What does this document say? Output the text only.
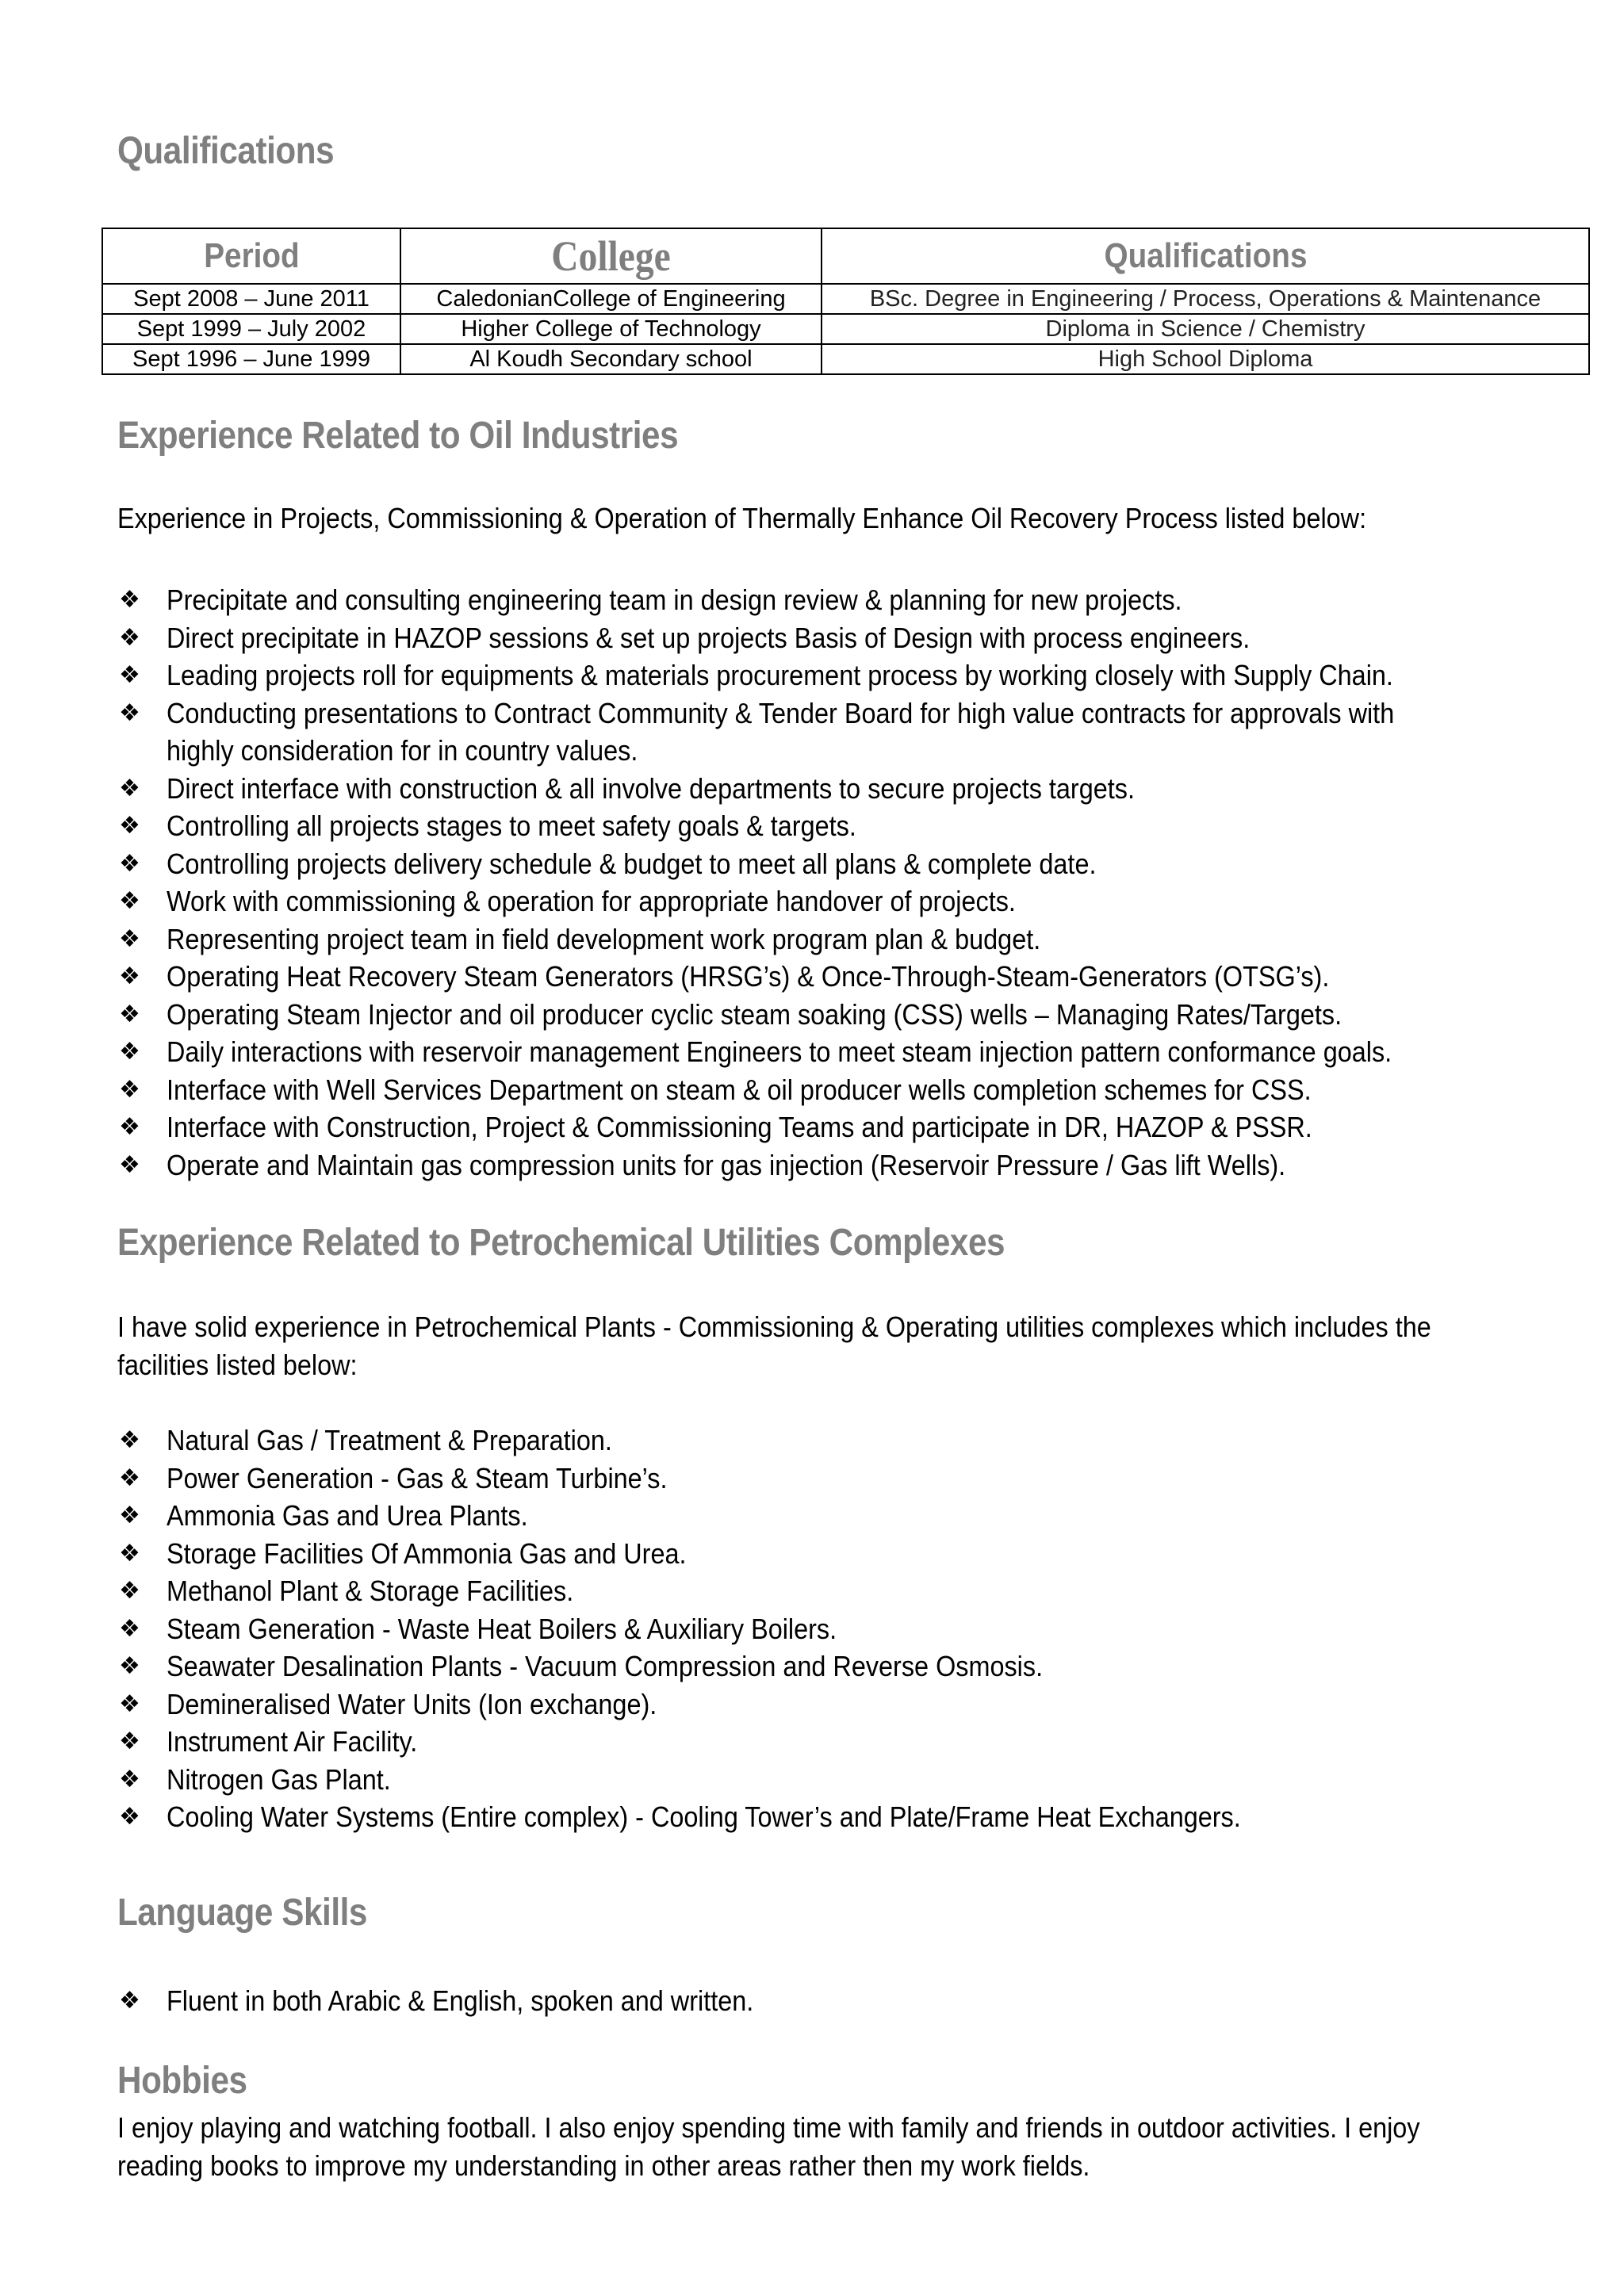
Qualifications
Period	College	Qualifications
Sept 2008 – June 2011	CaledonianCollege of Engineering	BSc. Degree in Engineering / Process, Operations & Maintenance
Sept 1999 – July 2002	Higher College of Technology	Diploma in Science / Chemistry
Sept 1996 – June 1999	Al Koudh Secondary school	High School Diploma
Experience Related to Oil Industries

Experience in Projects, Commissioning & Operation of Thermally Enhance Oil Recovery Process listed below:

❖ Precipitate and consulting engineering team in design review & planning for new projects.
❖ Direct precipitate in HAZOP sessions & set up projects Basis of Design with process engineers.
❖ Leading projects roll for equipments & materials procurement process by working closely with Supply Chain.
❖ Conducting presentations to Contract Community & Tender Board for high value contracts for approvals with
highly consideration for in country values.
❖ Direct interface with construction & all involve departments to secure projects targets.
❖ Controlling all projects stages to meet safety goals & targets.
❖ Controlling projects delivery schedule & budget to meet all plans & complete date.
❖ Work with commissioning & operation for appropriate handover of projects.
❖ Representing project team in field development work program plan & budget.
❖ Operating Heat Recovery Steam Generators (HRSG’s) & Once-Through-Steam-Generators (OTSG’s).
❖ Operating Steam Injector and oil producer cyclic steam soaking (CSS) wells – Managing Rates/Targets.
❖ Daily interactions with reservoir management Engineers to meet steam injection pattern conformance goals.
❖ Interface with Well Services Department on steam & oil producer wells completion schemes for CSS.
❖ Interface with Construction, Project & Commissioning Teams and participate in DR, HAZOP & PSSR.
❖ Operate and Maintain gas compression units for gas injection (Reservoir Pressure / Gas lift Wells).
Experience Related to Petrochemical Utilities Complexes

I have solid experience in Petrochemical Plants - Commissioning & Operating utilities complexes which includes the
facilities listed below:

❖ Natural Gas / Treatment & Preparation.
❖ Power Generation - Gas & Steam Turbine’s.
❖ Ammonia Gas and Urea Plants.
❖ Storage Facilities Of Ammonia Gas and Urea.
❖ Methanol Plant & Storage Facilities.
❖ Steam Generation - Waste Heat Boilers & Auxiliary Boilers.
❖ Seawater Desalination Plants - Vacuum Compression and Reverse Osmosis.
❖ Demineralised Water Units (Ion exchange).
❖ Instrument Air Facility.
❖ Nitrogen Gas Plant.
❖ Cooling Water Systems (Entire complex) - Cooling Tower’s and Plate/Frame Heat Exchangers.
Language Skills
❖ Fluent in both Arabic & English, spoken and written.
Hobbies

I enjoy playing and watching football. I also enjoy spending time with family and friends in outdoor activities. I enjoy
reading books to improve my understanding in other areas rather then my work fields.
